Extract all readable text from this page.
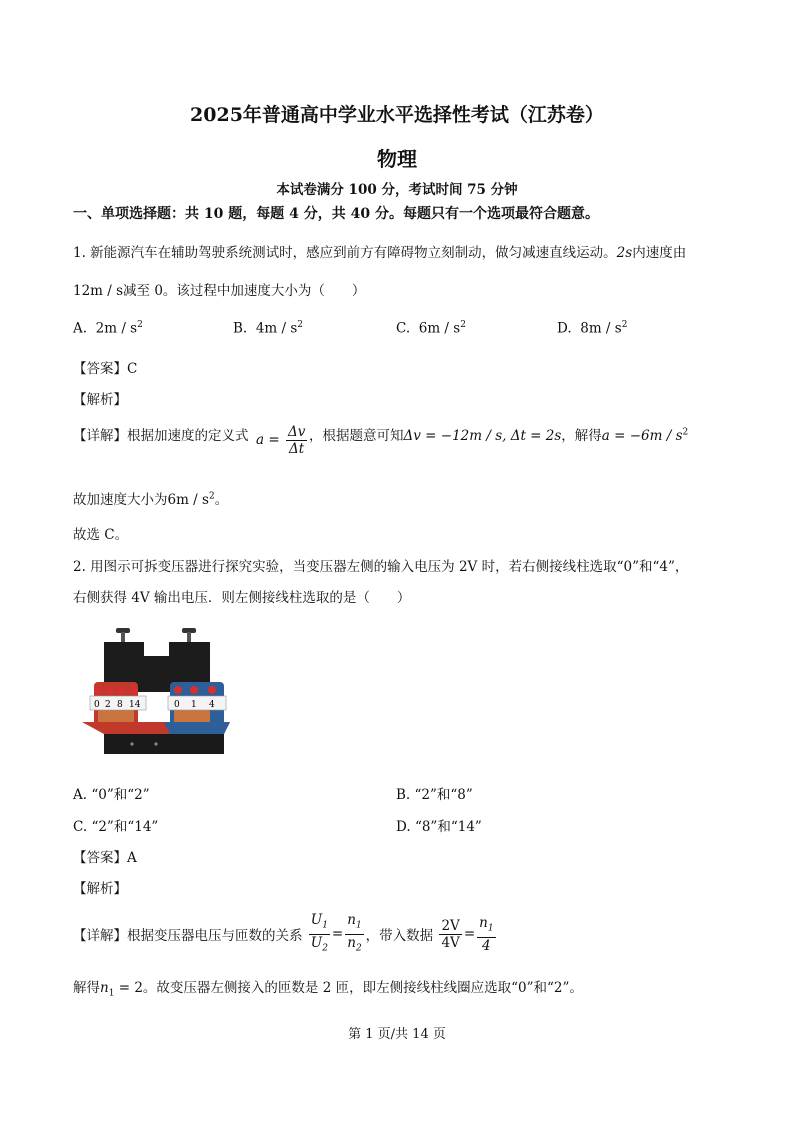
2025年普通高中学业水平选择性考试（江苏卷）
物理
本试卷满分 100 分，考试时间 75 分钟
一、单项选择题：共 10 题，每题 4 分，共 40 分。每题只有一个选项最符合题意。
1. 新能源汽车在辅助驾驶系统测试时，感应到前方有障碍物立刻制动，做匀减速直线运动。2s内速度由
12m / s减至 0。该过程中加速度大小为（　　）
A. $2m / s^2$	B. $4m / s^2$	C. $6m / s^2$	D. $8m / s^2$
【答案】C
【解析】
【详解】根据加速度的定义式 $a = \frac{\Delta v}{\Delta t}$ ，根据题意可知Δv = −12m / s, Δt = 2s，解得$a = -6m / s^2$
故加速度大小为$6m / s^2$。
故选 C。
2. 用图示可拆变压器进行探究实验，当变压器左侧的输入电压为 2V 时，若右侧接线柱选取“0”和“4”，
右侧获得 4V 输出电压．则左侧接线柱选取的是（　　）
0 2 8 14	0 1 4
A. “0”和“2”	B. “2”和“8”
C. “2”和“14”	D. “8”和“14”
【答案】A
【解析】
【详解】根据变压器电压与匝数的关系 $\frac{U_1}{U_2} = \frac{n_1}{n_2}$ ，带入数据 $\frac{2V}{4V} = \frac{n_1}{4}$
解得$n_1 = 2$。故变压器左侧接入的匝数是 2 匝，即左侧接线柱线圈应选取“0”和“2”。
第 1 页/共 14 页
